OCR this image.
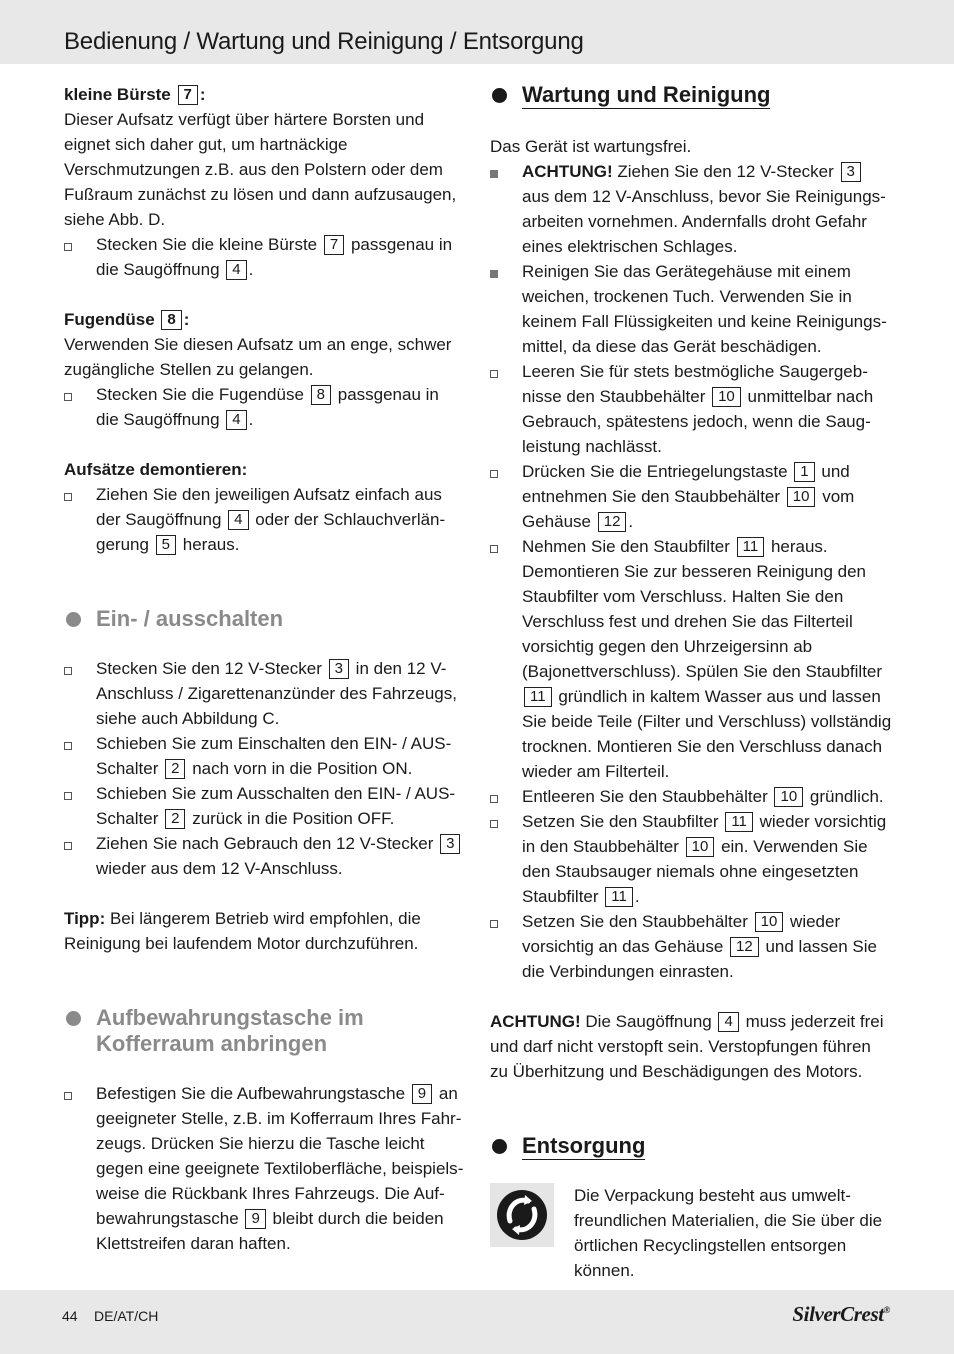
Bedienung / Wartung und Reinigung / Entsorgung
kleine Bürste 7 :
Dieser Aufsatz verfügt über härtere Borsten und eignet sich daher gut, um hartnäckige Verschmutzungen z.B. aus den Polstern oder dem Fußraum zunächst zu lösen und dann aufzusaugen, siehe Abb. D.
Stecken Sie die kleine Bürste 7 passgenau in die Saugöffnung 4 .
Fugendüse 8 :
Verwenden Sie diesen Aufsatz um an enge, schwer zugängliche Stellen zu gelangen.
Stecken Sie die Fugendüse 8 passgenau in die Saugöffnung 4 .
Aufsätze demontieren:
Ziehen Sie den jeweiligen Aufsatz einfach aus der Saugöffnung 4 oder der Schlauchverlängerung 5 heraus.
Ein- / ausschalten
Stecken Sie den 12 V-Stecker 3 in den 12 V-Anschluss / Zigarettenanzünder des Fahrzeugs, siehe auch Abbildung C.
Schieben Sie zum Einschalten den EIN- / AUS-Schalter 2 nach vorn in die Position ON.
Schieben Sie zum Ausschalten den EIN- / AUS-Schalter 2 zurück in die Position OFF.
Ziehen Sie nach Gebrauch den 12 V-Stecker 3 wieder aus dem 12 V-Anschluss.
Tipp: Bei längerem Betrieb wird empfohlen, die Reinigung bei laufendem Motor durchzuführen.
Aufbewahrungstasche im Kofferraum anbringen
Befestigen Sie die Aufbewahrungstasche 9 an geeigneter Stelle, z.B. im Kofferraum Ihres Fahrzeugs. Drücken Sie hierzu die Tasche leicht gegen eine geeignete Textiloberfläche, beispielsweise die Rückbank Ihres Fahrzeugs. Die Aufbewahrungstasche 9 bleibt durch die beiden Klettstreifen daran haften.
Wartung und Reinigung
Das Gerät ist wartungsfrei.
ACHTUNG! Ziehen Sie den 12 V-Stecker 3 aus dem 12 V-Anschluss, bevor Sie Reinigungsarbeiten vornehmen. Andernfalls droht Gefahr eines elektrischen Schlages.
Reinigen Sie das Gerätegehäuse mit einem weichen, trockenen Tuch. Verwenden Sie in keinem Fall Flüssigkeiten und keine Reinigungsmittel, da diese das Gerät beschädigen.
Leeren Sie für stets bestmögliche Saugergebnisse den Staubbehälter 10 unmittelbar nach Gebrauch, spätestens jedoch, wenn die Saugleistung nachlässt.
Drücken Sie die Entriegelungstaste 1 und entnehmen Sie den Staubbehälter 10 vom Gehäuse 12 .
Nehmen Sie den Staubfilter 11 heraus. Demontieren Sie zur besseren Reinigung den Staubfilter vom Verschluss. Halten Sie den Verschluss fest und drehen Sie das Filterteil vorsichtig gegen den Uhrzeigersinn ab (Bajonettverschluss). Spülen Sie den Staubfilter 11 gründlich in kaltem Wasser aus und lassen Sie beide Teile (Filter und Verschluss) vollständig trocknen. Montieren Sie den Verschluss danach wieder am Filterteil.
Entleeren Sie den Staubbehälter 10 gründlich.
Setzen Sie den Staubfilter 11 wieder vorsichtig in den Staubbehälter 10 ein. Verwenden Sie den Staubsauger niemals ohne eingesetzten Staubfilter 11 .
Setzen Sie den Staubbehälter 10 wieder vorsichtig an das Gehäuse 12 und lassen Sie die Verbindungen einrasten.
ACHTUNG! Die Saugöffnung 4 muss jederzeit frei und darf nicht verstopft sein. Verstopfungen führen zu Überhitzung und Beschädigungen des Motors.
Entsorgung
Die Verpackung besteht aus umweltfreundlichen Materialien, die Sie über die örtlichen Recyclingstellen entsorgen können.
44 DE/AT/CH	SilverCrest®
